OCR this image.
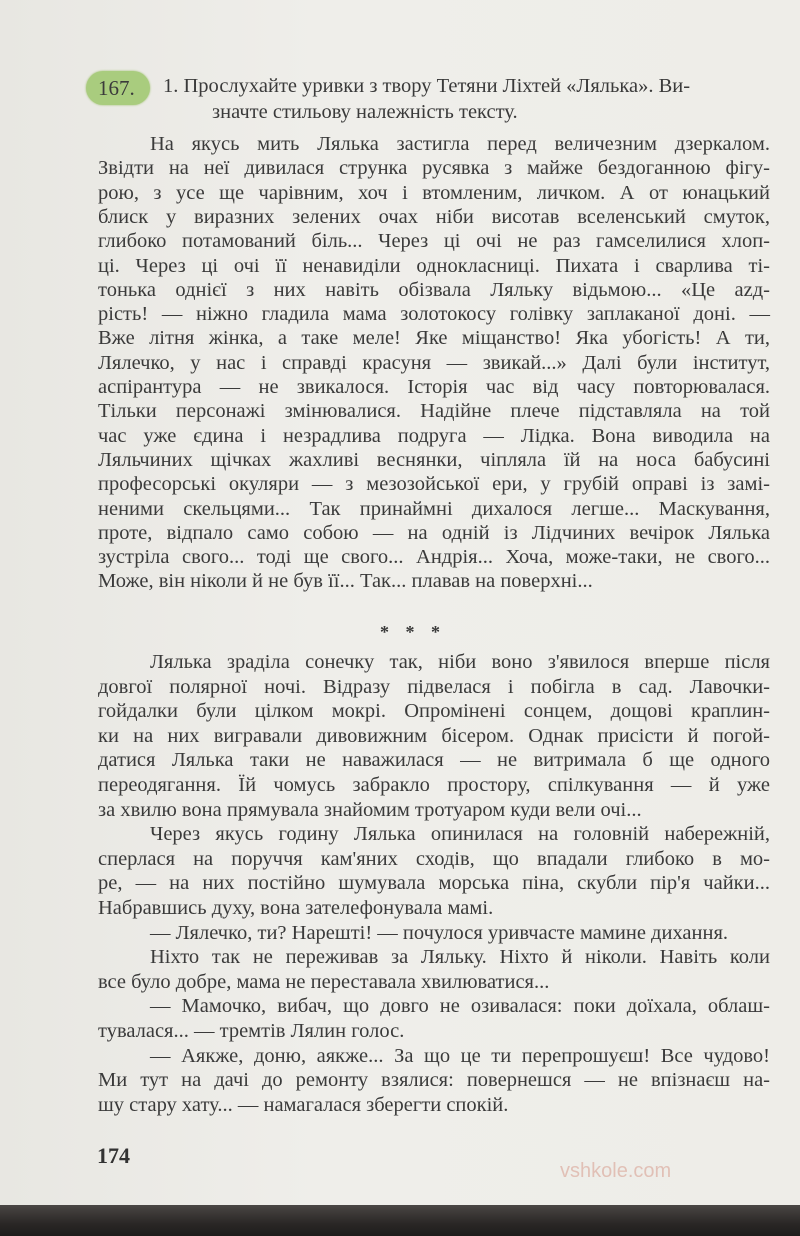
167. 1. Прослухайте уривки з твору Тетяни Ліхтей «Лялька». Ви-
значте стильову належність тексту.
На якусь мить Лялька застигла перед величезним дзеркалом.
Звідти на неї дивилася струнка русявка з майже бездоганною фігу-
рою, з усе ще чарівним, хоч і втомленим, личком. А от юнацький
блиск у виразних зелених очах ніби висотав вселенський смуток,
глибоко потамований біль... Через ці очі не раз гамселилися хлоп-
ці. Через ці очі її ненавиділи однокласниці. Пихата і сварлива ті-
тонька однієї з них навіть обізвала Ляльку відьмою... «Це azд-
рість! — ніжно гладила мама золотокосу голівку заплаканої доні. —
Вже літня жінка, а таке меле! Яке міщанство! Яка убогість! А ти,
Лялечко, у нас і справді красуня — звикай...» Далі були інститут,
аспірантура — не звикалося. Історія час від часу повторювалася.
Тільки персонажі змінювалися. Надійне плече підставляла на той
час уже єдина і незрадлива подруга — Лідка. Вона виводила на
Ляльчиних щічках жахливі веснянки, чіпляла їй на носа бабусині
професорські окуляри — з мезозойської ери, у грубій оправі із замі-
неними скельцями... Так принаймні дихалося легше... Маскування,
проте, відпало само собою — на одній із Лідчиних вечірок Лялька
зустріла свого... тоді ще свого... Андрія... Хоча, може-таки, не свого...
Може, він ніколи й не був її... Так... плавав на поверхні...
Лялька зраділа сонечку так, ніби воно з'явилося вперше після
довгої полярної ночі. Відразу підвелася і побігла в сад. Лавочки-
гойдалки були цілком мокрі. Опромінені сонцем, дощові краплин-
ки на них вигравали дивовижним бісером. Однак присісти й погой-
датися Лялька таки не наважилася — не витримала б ще одного
переодягання. Їй чомусь забракло простору, спілкування — й уже
за хвилю вона прямувала знайомим тротуаром куди вели очі...
Через якусь годину Лялька опинилася на головній набережній,
сперлася на поруччя кам'яних сходів, що впадали глибоко в мо-
ре, — на них постійно шумувала морська піна, скубли пір'я чайки...
Набравшись духу, вона зателефонувала мамі.
— Лялечко, ти? Нарешті! — почулося уривчасте мамине дихання.
Ніхто так не переживав за Ляльку. Ніхто й ніколи. Навіть коли
все було добре, мама не переставала хвилюватися...
— Мамочко, вибач, що довго не озивалася: поки доїхала, облаш-
тувалася... — тремтів Лялин голос.
— Аякже, доню, аякже... За що це ти перепрошуєш! Все чудово!
Ми тут на дачі до ремонту взялися: повернешся — не впізнаєш на-
шу стару хату... — намагалася зберегти спокій.
* * *
174
vshkole.com
